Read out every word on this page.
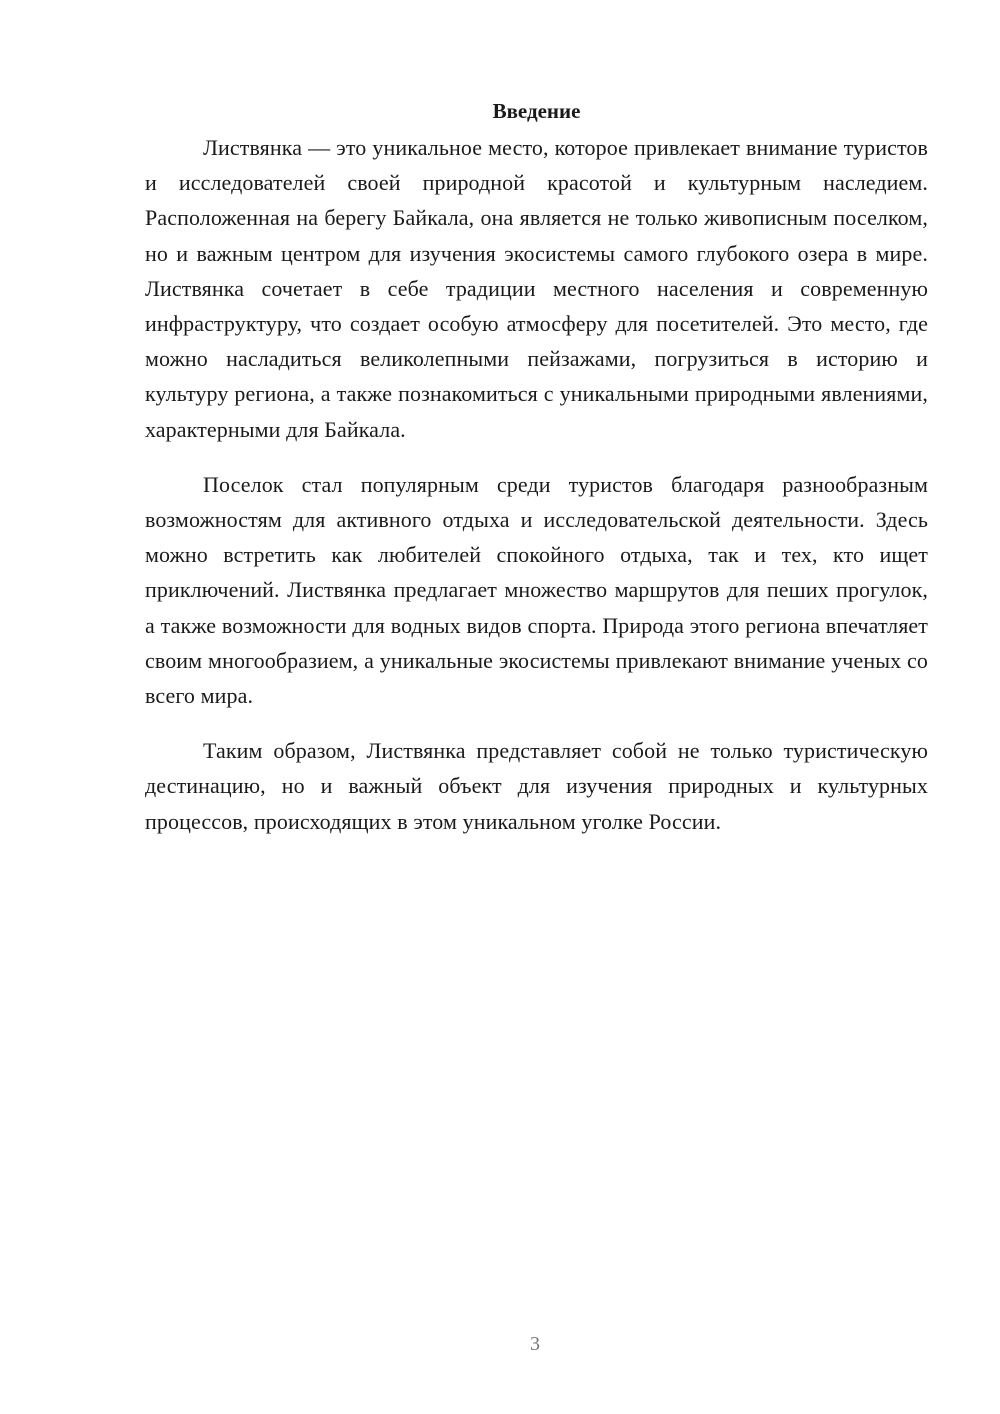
Введение

Листвянка — это уникальное место, которое привлекает внимание туристов и исследователей своей природной красотой и культурным наследием. Расположенная на берегу Байкала, она является не только живописным поселком, но и важным центром для изучения экосистемы самого глубокого озера в мире. Листвянка сочетает в себе традиции местного населения и современную инфраструктуру, что создает особую атмосферу для посетителей. Это место, где можно насладиться великолепными пейзажами, погрузиться в историю и культуру региона, а также познакомиться с уникальными природными явлениями, характерными для Байкала.

Поселок стал популярным среди туристов благодаря разнообразным возможностям для активного отдыха и исследовательской деятельности. Здесь можно встретить как любителей спокойного отдыха, так и тех, кто ищет приключений. Листвянка предлагает множество маршрутов для пеших прогулок, а также возможности для водных видов спорта. Природа этого региона впечатляет своим многообразием, а уникальные экосистемы привлекают внимание ученых со всего мира.

Таким образом, Листвянка представляет собой не только туристическую дестинацию, но и важный объект для изучения природных и культурных процессов, происходящих в этом уникальном уголке России.

3
